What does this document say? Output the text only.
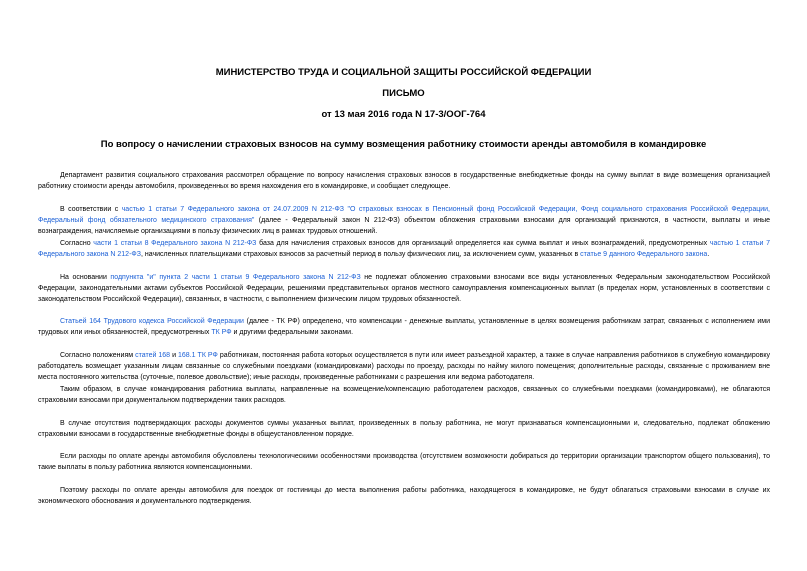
МИНИСТЕРСТВО ТРУДА И СОЦИАЛЬНОЙ ЗАЩИТЫ РОССИЙСКОЙ ФЕДЕРАЦИИ
ПИСЬМО
от 13 мая 2016 года N 17-3/ООГ-764
По вопросу о начислении страховых взносов на сумму возмещения работнику стоимости аренды автомобиля в командировке
Департамент развития социального страхования рассмотрел обращение по вопросу начисления страховых взносов в государственные внебюджетные фонды на сумму выплат в виде возмещения организацией работнику стоимости аренды автомобиля, произведенных во время нахождения его в командировке, и сообщает следующее.
В соответствии с частью 1 статьи 7 Федерального закона от 24.07.2009 N 212-ФЗ "О страховых взносах в Пенсионный фонд Российской Федерации, Фонд социального страхования Российской Федерации, Федеральный фонд обязательного медицинского страхования" (далее - Федеральный закон N 212-ФЗ) объектом обложения страховыми взносами для организаций признаются, в частности, выплаты и иные вознаграждения, начисляемые организациями в пользу физических лиц в рамках трудовых отношений.
Согласно части 1 статьи 8 Федерального закона N 212-ФЗ база для начисления страховых взносов для организаций определяется как сумма выплат и иных вознаграждений, предусмотренных частью 1 статьи 7 Федерального закона N 212-ФЗ, начисленных плательщиками страховых взносов за расчетный период в пользу физических лиц, за исключением сумм, указанных в статье 9 данного Федерального закона.
На основании подпункта "и" пункта 2 части 1 статьи 9 Федерального закона N 212-ФЗ не подлежат обложению страховыми взносами все виды установленных Федеральным законодательством Российской Федерации, законодательными актами субъектов Российской Федерации, решениями представительных органов местного самоуправления компенсационных выплат (в пределах норм, установленных в соответствии с законодательством Российской Федерации), связанных, в частности, с выполнением физическим лицом трудовых обязанностей.
Статьей 164 Трудового кодекса Российской Федерации (далее - ТК РФ) определено, что компенсации - денежные выплаты, установленные в целях возмещения работникам затрат, связанных с исполнением ими трудовых или иных обязанностей, предусмотренных ТК РФ и другими федеральными законами.
Согласно положениям статей 168 и 168.1 ТК РФ работникам, постоянная работа которых осуществляется в пути или имеет разъездной характер, а также в случае направления работников в служебную командировку работодатель возмещает указанным лицам связанные со служебными поездками (командировками) расходы по проезду, расходы по найму жилого помещения; дополнительные расходы, связанные с проживанием вне места постоянного жительства (суточные, полевое довольствие); иные расходы, произведенные работниками с разрешения или ведома работодателя.
Таким образом, в случае командирования работника выплаты, направленные на возмещение/компенсацию работодателем расходов, связанных со служебными поездками (командировками), не облагаются страховыми взносами при документальном подтверждении таких расходов.
В случае отсутствия подтверждающих расходы документов суммы указанных выплат, произведенных в пользу работника, не могут признаваться компенсационными и, следовательно, подлежат обложению страховыми взносами в государственные внебюджетные фонды в общеустановленном порядке.
Если расходы по оплате аренды автомобиля обусловлены технологическими особенностями производства (отсутствием возможности добираться до территории организации транспортом общего пользования), то такие выплаты в пользу работника являются компенсационными.
Поэтому расходы по оплате аренды автомобиля для поездок от гостиницы до места выполнения работы работника, находящегося в командировке, не будут облагаться страховыми взносами в случае их экономического обоснования и документального подтверждения.
